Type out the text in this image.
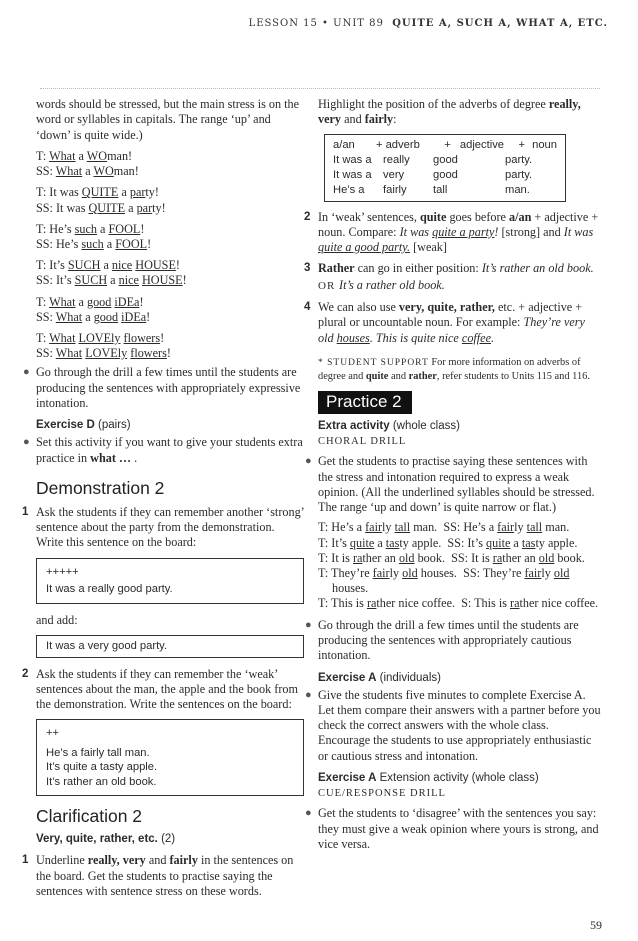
LESSON 15 • UNIT 89 QUITE A, SUCH A, WHAT A, ETC.
words should be stressed, but the main stress is on the word or syllables in capitals. The range ‘up’ and ‘down’ is quite wide.)
T: What a WOman!
SS: What a WOman!
T: It was QUITE a party!
SS: It was QUITE a party!
T: He’s such a FOOL!
SS: He’s such a FOOL!
T: It’s SUCH a nice HOUSE!
SS: It’s SUCH a nice HOUSE!
T: What a good iDEa!
SS: What a good iDEa!
T: What LOVEly flowers!
SS: What LOVEly flowers!
● Go through the drill a few times until the students are producing the sentences with appropriately expressive intonation.
Exercise D (pairs)
● Set this activity if you want to give your students extra practice in what … .
Demonstration 2
1 Ask the students if they can remember another ‘strong’ sentence about the party from the demonstration. Write this sentence on the board:
+++++
It was a really good party.
and add:
It was a very good party.
2 Ask the students if they can remember the ‘weak’ sentences about the man, the apple and the book from the demonstration. Write the sentences on the board:
++
He’s a fairly tall man.
It’s quite a tasty apple.
It’s rather an old book.
Clarification 2
Very, quite, rather, etc. (2)
1 Underline really, very and fairly in the sentences on the board. Get the students to practise saying the sentences with sentence stress on these words.
Highlight the position of the adverbs of degree really, very and fairly:
a/an	+ adverb	+ adjective	+ noun
It was a	really	good	party.
It was a	very	good	party.
He’s a	fairly	tall	man.
2 In ‘weak’ sentences, quite goes before a/an + adjective + noun. Compare: It was quite a party! [strong] and It was quite a good party. [weak]
3 Rather can go in either position: It’s rather an old book. OR It’s a rather old book.
4 We can also use very, quite, rather, etc. + adjective + plural or uncountable noun. For example: They’re very old houses. This is quite nice coffee.
* STUDENT SUPPORT For more information on adverbs of degree and quite and rather, refer students to Units 115 and 116.
Practice 2
Extra activity (whole class)
CHORAL DRILL
● Get the students to practise saying these sentences with the stress and intonation required to express a weak opinion. (All the underlined syllables should be stressed. The range ‘up and down’ is quite narrow or flat.)
T: He’s a fairly tall man.  SS: He’s a fairly tall man.
T: It’s quite a tasty apple.  SS: It’s quite a tasty apple.
T: It is rather an old book.  SS: It is rather an old book.
T: They’re fairly old houses.  SS: They’re fairly old houses.
T: This is rather nice coffee.  S: This is rather nice coffee.
● Go through the drill a few times until the students are producing the sentences with appropriately cautious intonation.
Exercise A (individuals)
● Give the students five minutes to complete Exercise A. Let them compare their answers with a partner before you check the correct answers with the whole class. Encourage the students to use appropriately enthusiastic or cautious stress and intonation.
Exercise A Extension activity (whole class)
CUE/RESPONSE DRILL
● Get the students to ‘disagree’ with the sentences you say: they must give a weak opinion where yours is strong, and vice versa.
59
